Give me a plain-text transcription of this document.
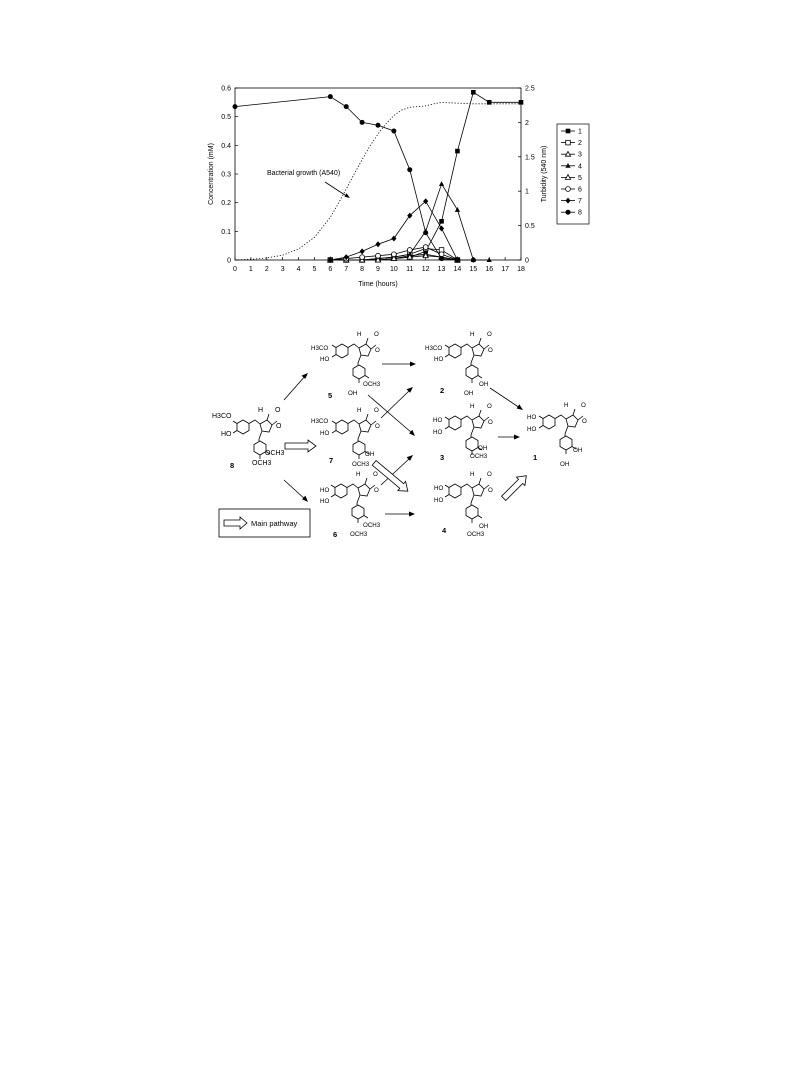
0 1 2 3 4 5 6 7 8 9 10 11 12 13 14 15 16 17 18
0
0.1
0.2
0.3
0.4
0.5
0.6
0
0.5
1
1.5
2
2.5
Time (hours)
Concentration (mM)	Turbidity (540 nm)
Bacterial growth (A540)
1
2
3
4
5
6
7
8
H3CO
HO
OCH3
OCH3
H O
O
8
H3CO
HO
OCH3
OH
H O
O
5
H3CO
HO
OH
OCH3
H O
O
7
HO
HO
OCH3
OCH3
H O
O
6
H3CO
HO
OH
OH
H O
O
2
HO
HO
OH
OCH3
H O
O
3
HO
HO
OH
OCH3
H O
O
4
HO
HO
OH
OH
H O
O
1
Main pathway
